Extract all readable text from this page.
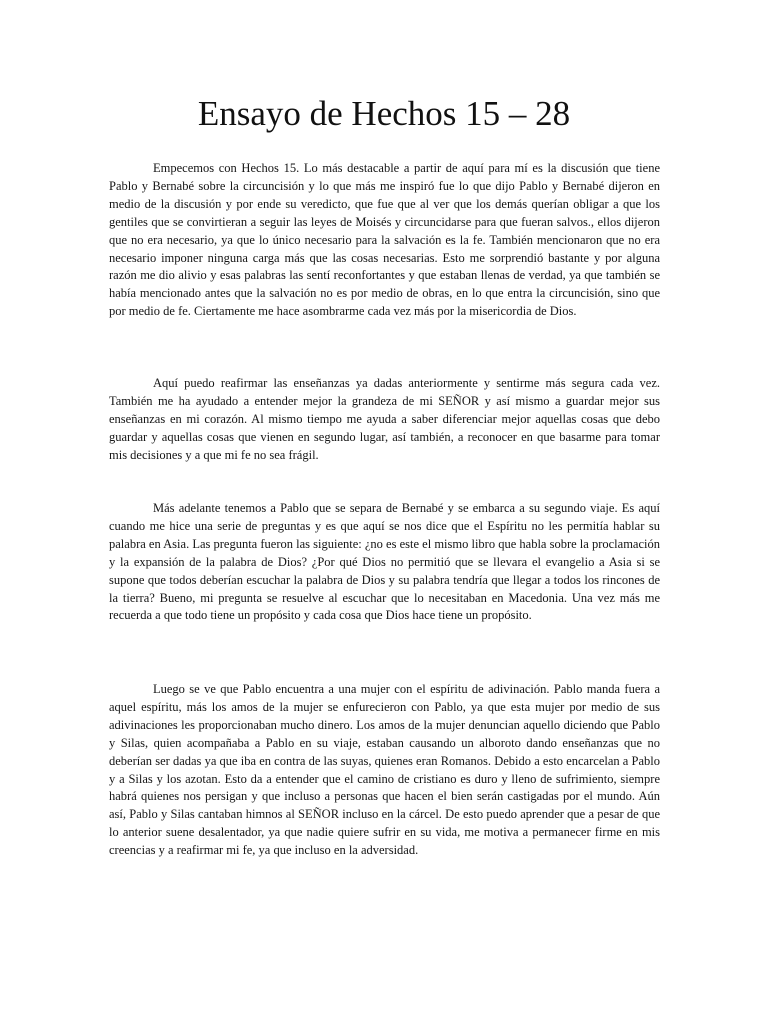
Ensayo de Hechos 15 – 28

Empecemos con Hechos 15. Lo más destacable a partir de aquí para mí es la discusión que tiene Pablo y Bernabé sobre la circuncisión y lo que más me inspiró fue lo que dijo Pablo y Bernabé dijeron en medio de la discusión y por ende su veredicto, que fue que al ver que los demás querían obligar a que los gentiles que se convirtieran a seguir las leyes de Moisés y circuncidarse para que fueran salvos., ellos dijeron que no era necesario, ya que lo único necesario para la salvación es la fe. También mencionaron que no era necesario imponer ninguna carga más que las cosas necesarias. Esto me sorprendió bastante y por alguna razón me dio alivio y esas palabras las sentí reconfortantes y que estaban llenas de verdad, ya que también se había mencionado antes que la salvación no es por medio de obras, en lo que entra la circuncisión, sino que por medio de fe. Ciertamente me hace asombrarme cada vez más por la misericordia de Dios.

Aquí puedo reafirmar las enseñanzas ya dadas anteriormente y sentirme más segura cada vez. También me ha ayudado a entender mejor la grandeza de mi SEÑOR y así mismo a guardar mejor sus enseñanzas en mi corazón. Al mismo tiempo me ayuda a saber diferenciar mejor aquellas cosas que debo guardar y aquellas cosas que vienen en segundo lugar, así también, a reconocer en que basarme para tomar mis decisiones y a que mi fe no sea frágil.

Más adelante tenemos a Pablo que se separa de Bernabé y se embarca a su segundo viaje. Es aquí cuando me hice una serie de preguntas y es que aquí se nos dice que el Espíritu no les permitía hablar su palabra en Asia. Las pregunta fueron las siguiente: ¿no es este el mismo libro que habla sobre la proclamación y la expansión de la palabra de Dios? ¿Por qué Dios no permitió que se llevara el evangelio a Asia si se supone que todos deberían escuchar la palabra de Dios y su palabra tendría que llegar a todos los rincones de la tierra? Bueno, mi pregunta se resuelve al escuchar que lo necesitaban en Macedonia. Una vez más me recuerda a que todo tiene un propósito y cada cosa que Dios hace tiene un propósito.

Luego se ve que Pablo encuentra a una mujer con el espíritu de adivinación. Pablo manda fuera a aquel espíritu, más los amos de la mujer se enfurecieron con Pablo, ya que esta mujer por medio de sus adivinaciones les proporcionaban mucho dinero. Los amos de la mujer denuncian aquello diciendo que Pablo y Silas, quien acompañaba a Pablo en su viaje, estaban causando un alboroto dando enseñanzas que no deberían ser dadas ya que iba en contra de las suyas, quienes eran Romanos. Debido a esto encarcelan a Pablo y a Silas y los azotan. Esto da a entender que el camino de cristiano es duro y lleno de sufrimiento, siempre habrá quienes nos persigan y que incluso a personas que hacen el bien serán castigadas por el mundo. Aún así, Pablo y Silas cantaban himnos al SEÑOR incluso en la cárcel. De esto puedo aprender que a pesar de que lo anterior suene desalentador, ya que nadie quiere sufrir en su vida, me motiva a permanecer firme en mis creencias y a reafirmar mi fe, ya que incluso en la adversidad.
